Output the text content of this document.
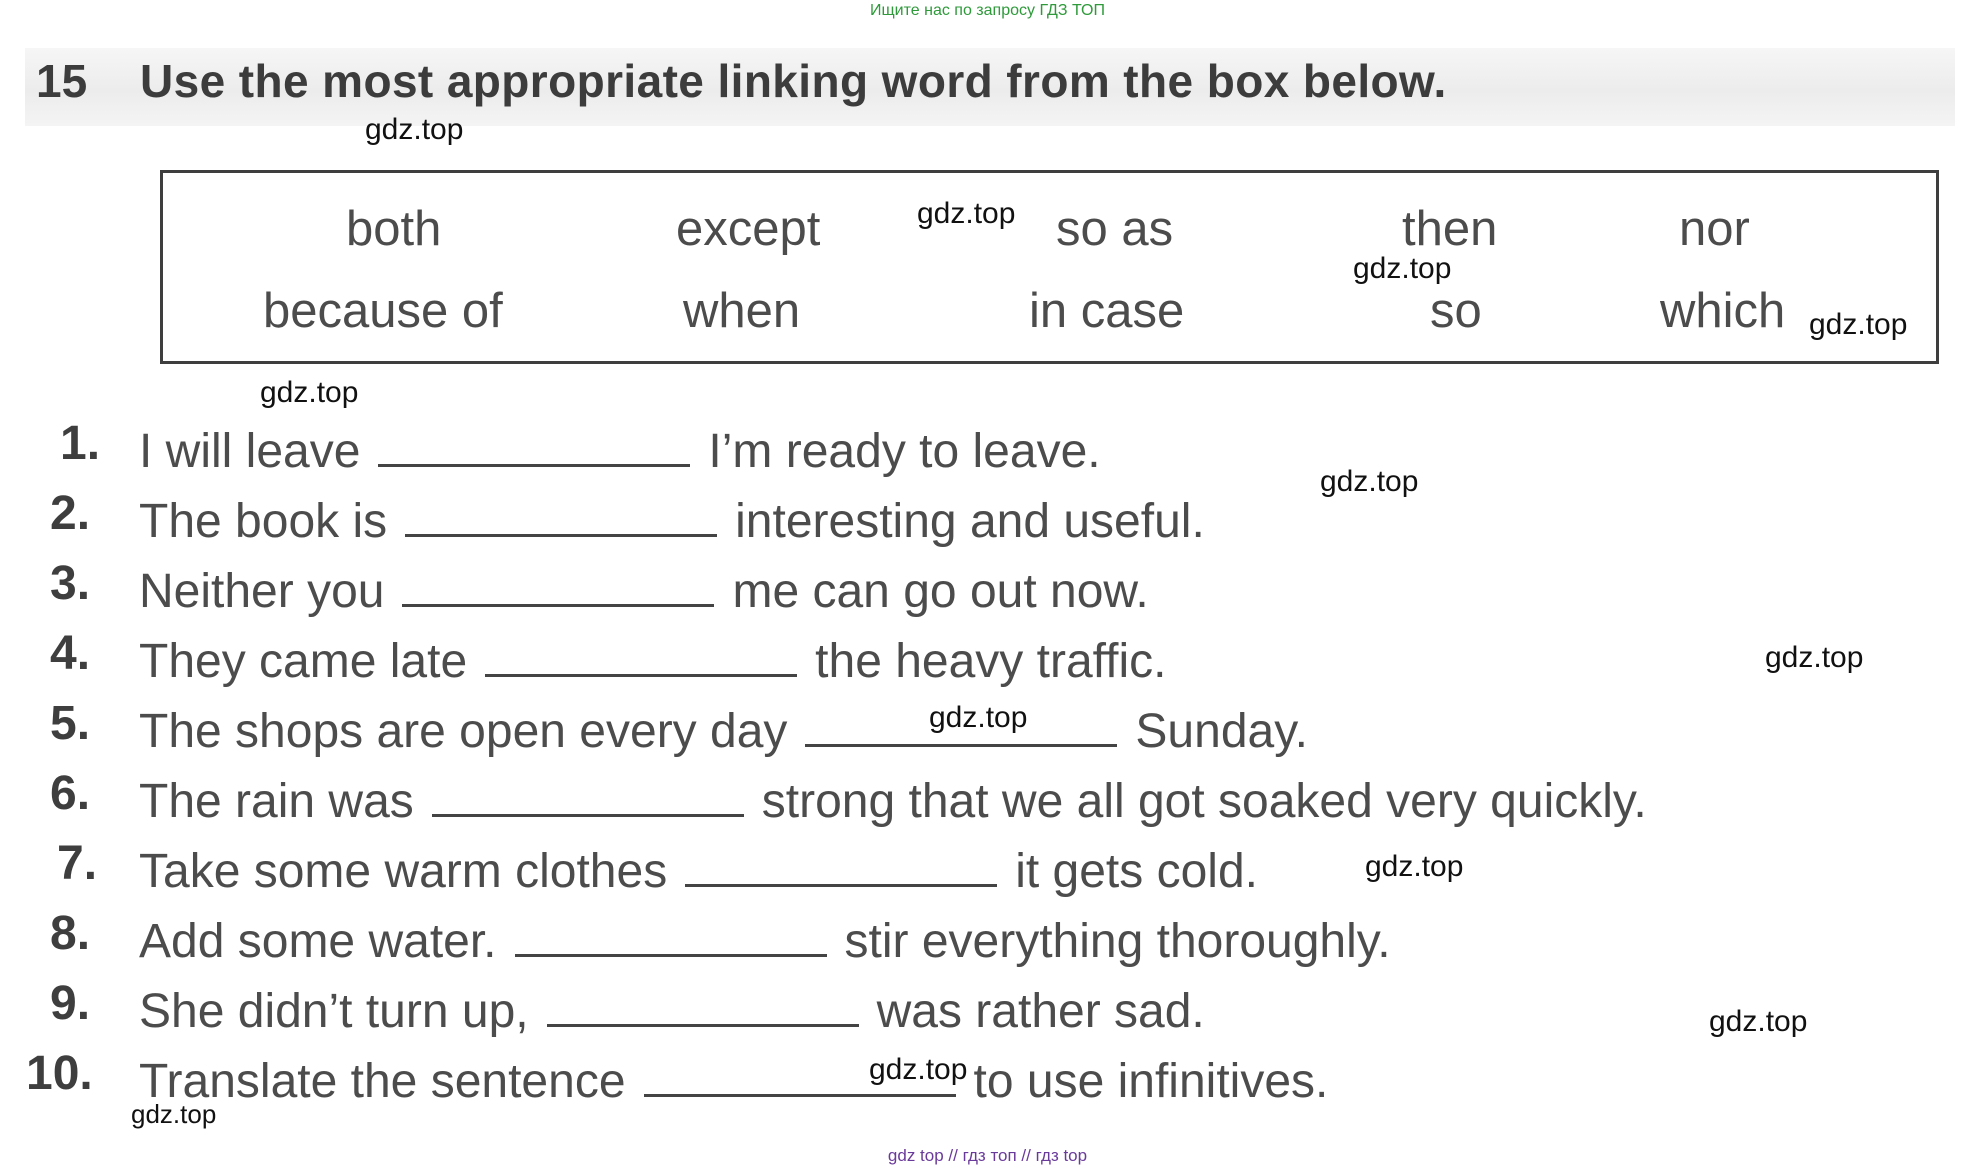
Ищите нас по запросу ГДЗ ТОП
15 Use the most appropriate linking word from the box below.
both	except	so as	then	nor
because of	when	in case	so	which
1. I will leave	I’m ready to leave.
2. The book is	interesting and useful.
3. Neither you	me can go out now.
4. They came late	the heavy traffic.
5. The shops are open every day	Sunday.
6. The rain was	strong that we all got soaked very quickly.
7. Take some warm clothes	it gets cold.
8. Add some water.	stir everything thoroughly.
9. She didn’t turn up,	was rather sad.
10. Translate the sentence	to use infinitives.
gdz.top
gdz.top
gdz.top
gdz.top
gdz.top
gdz.top
gdz.top
gdz.top
gdz.top
gdz.top
gdz.top
gdz.top
gdz top // гдз топ // гдз top
